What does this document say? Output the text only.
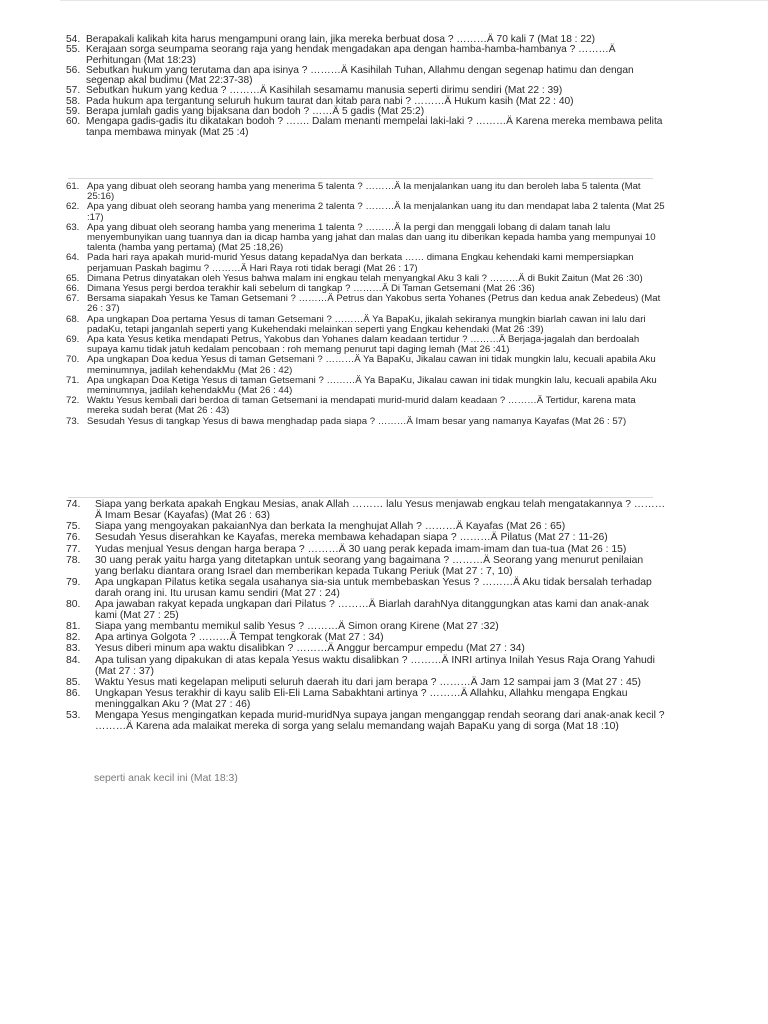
54. Berapakali kalikah kita harus mengampuni orang lain, jika mereka berbuat dosa ? ………Ä 70 kali 7 (Mat 18 : 22)
55. Kerajaan sorga seumpama seorang raja yang hendak mengadakan apa dengan hamba-hamba-hambanya ? ………Ä Perhitungan (Mat 18:23)
56. Sebutkan hukum yang terutama dan apa isinya ? ………Ä Kasihilah Tuhan, Allahmu dengan segenap hatimu dan dengan segenap akal budimu (Mat 22:37-38)
57. Sebutkan hukum yang kedua ? ………Ä Kasihilah sesamamu manusia seperti dirimu sendiri (Mat 22 : 39)
58. Pada hukum apa tergantung seluruh hukum taurat dan kitab para nabi ? ………Ä Hukum kasih (Mat 22 : 40)
59. Berapa jumlah gadis yang bijaksana dan bodoh ? ……Ä 5 gadis (Mat 25:2)
60. Mengapa gadis-gadis itu dikatakan bodoh ? ……. Dalam menanti mempelai laki-laki ? ………Ä Karena mereka membawa pelita tanpa membawa minyak (Mat 25 :4)
61. Apa yang dibuat oleh seorang hamba yang menerima 5 talenta ? ………Ä Ia menjalankan uang itu dan beroleh laba 5 talenta (Mat 25:16)
62. Apa yang dibuat oleh seorang hamba yang menerima 2 talenta ? ………Ä Ia menjalankan uang itu dan mendapat laba 2 talenta (Mat 25 :17)
63. Apa yang dibuat oleh seorang hamba yang menerima 1 talenta ? ………Ä Ia pergi dan menggali lobang di dalam tanah lalu menyembunyikan uang tuannya dan ia dicap hamba yang jahat dan malas dan uang itu diberikan kepada hamba yang mempunyai 10 talenta (hamba yang pertama) (Mat 25 :18,26)
64. Pada hari raya apakah murid-murid Yesus datang kepadaNya dan berkata …… dimana Engkau kehendaki kami mempersiapkan perjamuan Paskah bagimu ? ………Ä Hari Raya roti tidak beragi (Mat 26 : 17)
65. Dimana Petrus dinyatakan oleh Yesus bahwa malam ini engkau telah menyangkal Aku 3 kali ? ………Ä di Bukit Zaitun (Mat 26 :30)
66. Dimana Yesus pergi berdoa terakhir kali sebelum di tangkap ? ………Ä Di Taman Getsemani (Mat 26 :36)
67. Bersama siapakah Yesus ke Taman Getsemani ? ………Ä Petrus dan Yakobus serta Yohanes (Petrus dan kedua anak Zebedeus) (Mat 26 : 37)
68. Apa ungkapan Doa pertama Yesus di taman Getsemani ? ………Ä Ya BapaKu, jikalah sekiranya mungkin biarlah cawan ini lalu dari padaKu, tetapi janganlah seperti yang Kukehendaki melainkan seperti yang Engkau kehendaki (Mat 26 :39)
69. Apa kata Yesus ketika mendapati Petrus, Yakobus dan Yohanes dalam keadaan tertidur ? ………Ä Berjaga-jagalah dan berdoalah supaya kamu tidak jatuh kedalam pencobaan : roh memang penurut tapi daging lemah (Mat 26 :41)
70. Apa ungkapan Doa kedua Yesus di taman Getsemani ? ………Ä Ya BapaKu, Jikalau cawan ini tidak mungkin lalu, kecuali apabila Aku meminumnya, jadilah kehendakMu (Mat 26 : 42)
71. Apa ungkapan Doa Ketiga Yesus di taman Getsemani ? ………Ä Ya BapaKu, Jikalau cawan ini tidak mungkin lalu, kecuali apabila Aku meminumnya, jadilah kehendakMu (Mat 26 : 44)
72. Waktu Yesus kembali dari berdoa di taman Getsemani ia mendapati murid-murid dalam keadaan ? ………Ä Tertidur, karena mata mereka sudah berat (Mat 26 : 43)
73. Sesudah Yesus di tangkap Yesus di bawa menghadap pada siapa ? ………Ä Imam besar yang namanya Kayafas (Mat 26 : 57)
74.	Siapa yang berkata apakah Engkau Mesias, anak Allah ……… lalu Yesus menjawab engkau telah mengatakannya ? ………Ä Imam Besar (Kayafas) (Mat 26 : 63)
75.	Siapa yang mengoyakan pakaianNya dan berkata Ia menghujat Allah ? ………Ä Kayafas (Mat 26 : 65)
76.	Sesudah Yesus diserahkan ke Kayafas, mereka membawa kehadapan siapa ? ………Ä Pilatus (Mat 27 : 11-26)
77.	Yudas menjual Yesus dengan harga berapa ? ………Ä 30 uang perak kepada imam-imam dan tua-tua (Mat 26 : 15)
78.	30 uang perak yaitu harga yang ditetapkan untuk seorang yang bagaimana ? ………Ä Seorang yang menurut penilaian yang berlaku diantara orang Israel dan memberikan kepada Tukang Periuk (Mat 27 : 7, 10)
79.	Apa ungkapan Pilatus ketika segala usahanya sia-sia untuk membebaskan Yesus ? ………Ä Aku tidak bersalah terhadap darah orang ini. Itu urusan kamu sendiri (Mat 27 : 24)
80.	Apa jawaban rakyat kepada ungkapan dari Pilatus ? ………Ä Biarlah darahNya ditanggungkan atas kami dan anak-anak kami (Mat 27 : 25)
81.	Siapa yang membantu memikul salib Yesus ? ………Ä Simon orang Kirene (Mat 27 :32)
82.	Apa artinya Golgota ? ………Ä Tempat tengkorak (Mat 27 : 34)
83.	Yesus diberi minum apa waktu disalibkan ? ………Ä Anggur bercampur empedu (Mat 27 : 34)
84.	Apa tulisan yang dipakukan di atas kepala Yesus waktu disalibkan ? ………Ä INRI artinya Inilah Yesus Raja Orang Yahudi (Mat 27 : 37)
85.	Waktu Yesus mati kegelapan meliputi seluruh daerah itu dari jam berapa ? ………Ä Jam 12 sampai jam 3 (Mat 27 : 45)
86.	Ungkapan Yesus terakhir di kayu salib Eli-Eli Lama Sabakhtani artinya ? ………Ä Allahku, Allahku mengapa Engkau meninggalkan Aku ? (Mat 27 : 46)
53.	Mengapa Yesus mengingatkan kepada murid-muridNya supaya jangan menganggap rendah seorang dari anak-anak kecil ? ………Ä Karena ada malaikat mereka di sorga yang selalu memandang wajah BapaKu yang di sorga (Mat 18 :10)
seperti anak kecil ini (Mat 18:3)
